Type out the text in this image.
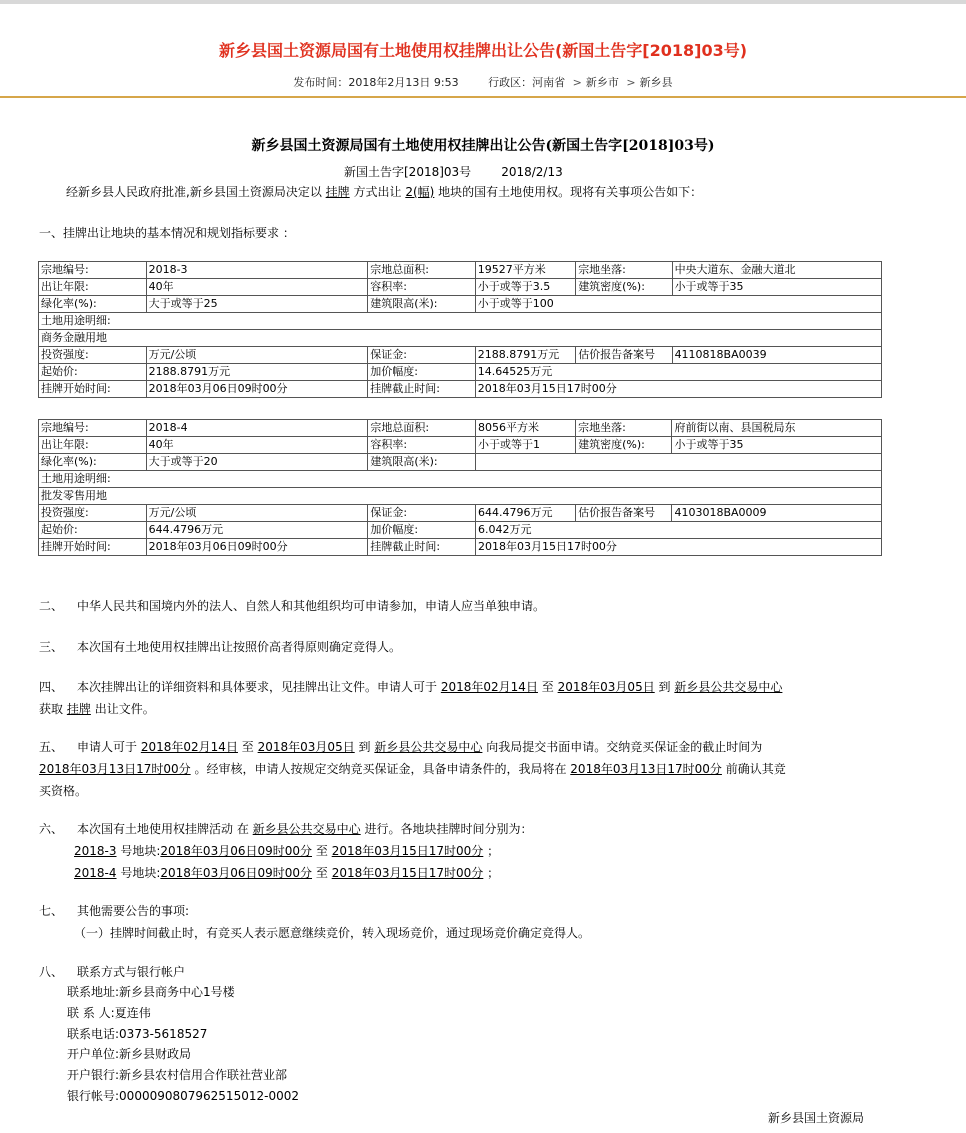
新乡县国土资源局国有土地使用权挂牌出让公告(新国土告字[2018]03号)
发布时间：2018年2月13日 9:53	行政区：河南省 > 新乡市 > 新乡县
新乡县国土资源局国有土地使用权挂牌出让公告(新国土告字[2018]03号)
新国土告字[2018]03号	2018/2/13
经新乡县人民政府批准,新乡县国土资源局决定以 挂牌 方式出让 2(幅) 地块的国有土地使用权。现将有关事项公告如下：
一、挂牌出让地块的基本情况和规划指标要求 ：
宗地编号:	2018-3	宗地总面积:	19527平方米	宗地坐落:	中央大道东、金融大道北
出让年限:	40年	容积率:	小于或等于3.5	建筑密度(%):	小于或等于35
绿化率(%):	大于或等于25	建筑限高(米):	小于或等于100		
土地用途明细:					
商务金融用地					
投资强度:	万元/公顷	保证金:	2188.8791万元	估价报告备案号	4110818BA0039
起始价:	2188.8791万元	加价幅度:	14.64525万元		
挂牌开始时间:	2018年03月06日09时00分	挂牌截止时间:	2018年03月15日17时00分		
宗地编号:	2018-4	宗地总面积:	8056平方米	宗地坐落:	府前街以南、县国税局东
出让年限:	40年	容积率:	小于或等于1	建筑密度(%):	小于或等于35
绿化率(%):	大于或等于20	建筑限高(米):			
土地用途明细:					
批发零售用地					
投资强度:	万元/公顷	保证金:	644.4796万元	估价报告备案号	4103018BA0009
起始价:	644.4796万元	加价幅度:	6.042万元		
挂牌开始时间:	2018年03月06日09时00分	挂牌截止时间:	2018年03月15日17时00分		
二、 中华人民共和国境内外的法人、自然人和其他组织均可申请参加，申请人应当单独申请。
三、 本次国有土地使用权挂牌出让按照价高者得原则确定竞得人。
四、 本次挂牌出让的详细资料和具体要求，见挂牌出让文件。申请人可于 2018年02月14日 至 2018年03月05日 到 新乡县公共交易中心
获取 挂牌 出让文件。
五、 申请人可于 2018年02月14日 至 2018年03月05日 到 新乡县公共交易中心 向我局提交书面申请。交纳竞买保证金的截止时间为
2018年03月13日17时00分 。经审核，申请人按规定交纳竞买保证金，具备申请条件的，我局将在 2018年03月13日17时00分 前确认其竞
买资格。
六、 本次国有土地使用权挂牌活动 在 新乡县公共交易中心 进行。各地块挂牌时间分别为：
2018-3 号地块:2018年03月06日09时00分 至 2018年03月15日17时00分 ；
2018-4 号地块:2018年03月06日09时00分 至 2018年03月15日17时00分 ；
七、 其他需要公告的事项:
（一）挂牌时间截止时，有竞买人表示愿意继续竞价，转入现场竞价，通过现场竞价确定竞得人。
八、 联系方式与银行帐户
联系地址:新乡县商务中心1号楼
联 系 人:夏连伟
联系电话:0373-5618527
开户单位:新乡县财政局
开户银行:新乡县农村信用合作联社营业部
银行帐号:0000090807962515012-0002
新乡县国土资源局
